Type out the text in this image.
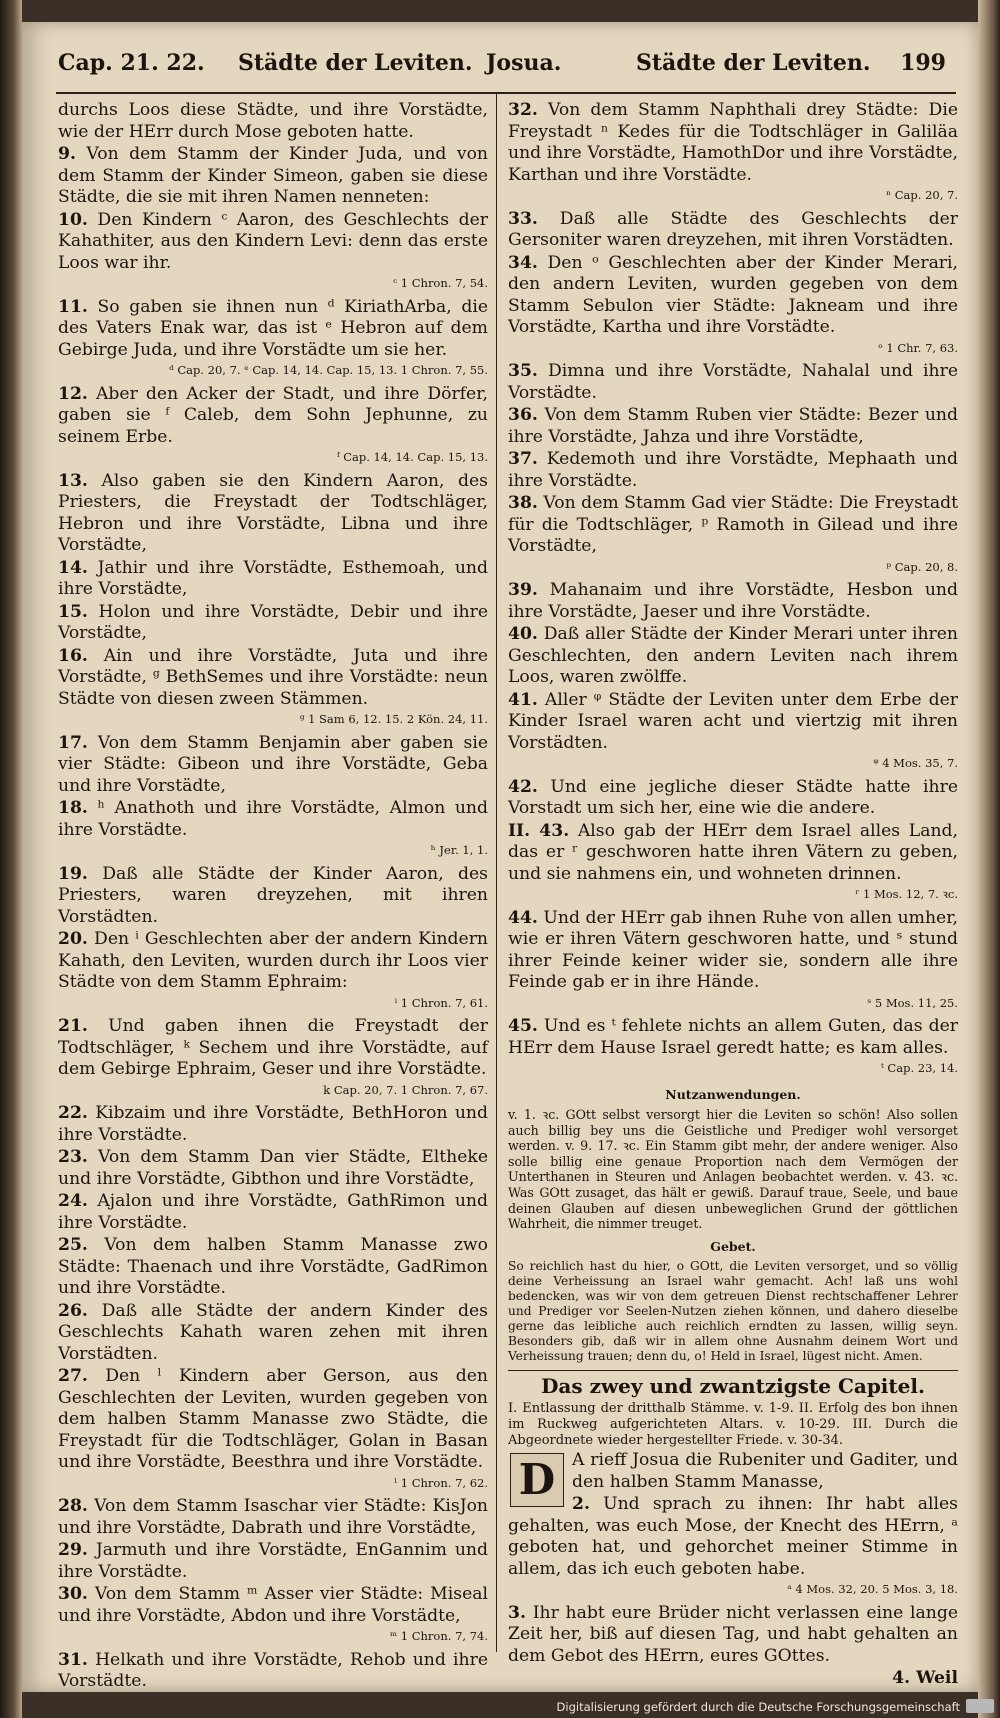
Cap. 21. 22. Städte der Leviten. Josua.	Städte der Leviten. 199

durchs Loos diese Städte, und ihre Vorstädte, wie der HErr durch Mose geboten hatte.

9. Von dem Stamm der Kinder Juda, und von dem Stamm der Kinder Simeon, gaben sie diese Städte, die sie mit ihren Namen nenneten:

10. Den Kindern ᶜ Aaron, des Geschlechts der Kahathiter, aus den Kindern Levi: denn das erste Loos war ihr.

ᶜ 1 Chron. 7, 54.

11. So gaben sie ihnen nun ᵈ KiriathArba, die des Vaters Enak war, das ist ᵉ Hebron auf dem Gebirge Juda, und ihre Vorstädte um sie her.

ᵈ Cap. 20, 7. ᵉ Cap. 14, 14. Cap. 15, 13. 1 Chron. 7, 55.

12. Aber den Acker der Stadt, und ihre Dörfer, gaben sie ᶠ Caleb, dem Sohn Jephunne, zu seinem Erbe.

ᶠ Cap. 14, 14. Cap. 15, 13.

13. Also gaben sie den Kindern Aaron, des Priesters, die Freystadt der Todtschläger, Hebron und ihre Vorstädte, Libna und ihre Vorstädte,

14. Jathir und ihre Vorstädte, Esthemoah, und ihre Vorstädte,

15. Holon und ihre Vorstädte, Debir und ihre Vorstädte,

16. Ain und ihre Vorstädte, Juta und ihre Vorstädte, ᵍ BethSemes und ihre Vorstädte: neun Städte von diesen zween Stämmen.

ᵍ 1 Sam 6, 12. 15. 2 Kön. 24, 11.

17. Von dem Stamm Benjamin aber gaben sie vier Städte: Gibeon und ihre Vorstädte, Geba und ihre Vorstädte,

18. ʰ Anathoth und ihre Vorstädte, Almon und ihre Vorstädte.

ʰ Jer. 1, 1.

19. Daß alle Städte der Kinder Aaron, des Priesters, waren dreyzehen, mit ihren Vorstädten.

20. Den ⁱ Geschlechten aber der andern Kindern Kahath, den Leviten, wurden durch ihr Loos vier Städte von dem Stamm Ephraim:

ⁱ 1 Chron. 7, 61.

21. Und gaben ihnen die Freystadt der Todtschläger, ᵏ Sechem und ihre Vorstädte, auf dem Gebirge Ephraim, Geser und ihre Vorstädte.

k Cap. 20, 7. 1 Chron. 7, 67.

22. Kibzaim und ihre Vorstädte, BethHoron und ihre Vorstädte.

23. Von dem Stamm Dan vier Städte, Eltheke und ihre Vorstädte, Gibthon und ihre Vorstädte,

24. Ajalon und ihre Vorstädte, GathRimon und ihre Vorstädte.

25. Von dem halben Stamm Manasse zwo Städte: Thaenach und ihre Vorstädte, GadRimon und ihre Vorstädte.

26. Daß alle Städte der andern Kinder des Geschlechts Kahath waren zehen mit ihren Vorstädten.

27. Den ˡ Kindern aber Gerson, aus den Geschlechten der Leviten, wurden gegeben von dem halben Stamm Manasse zwo Städte, die Freystadt für die Todtschläger, Golan in Basan und ihre Vorstädte, Beesthra und ihre Vorstädte.

ˡ 1 Chron. 7, 62.

28. Von dem Stamm Isaschar vier Städte: KisJon und ihre Vorstädte, Dabrath und ihre Vorstädte,

29. Jarmuth und ihre Vorstädte, EnGannim und ihre Vorstädte.

30. Von dem Stamm ᵐ Asser vier Städte: Miseal und ihre Vorstädte, Abdon und ihre Vorstädte,

ᵐ 1 Chron. 7, 74.

31. Helkath und ihre Vorstädte, Rehob und ihre Vorstädte.

32. Von dem Stamm Naphthali drey Städte: Die Freystadt ⁿ Kedes für die Todtschläger in Galiläa und ihre Vorstädte, HamothDor und ihre Vorstädte, Karthan und ihre Vorstädte.

ⁿ Cap. 20, 7.

33. Daß alle Städte des Geschlechts der Gersoniter waren dreyzehen, mit ihren Vorstädten.

34. Den ᵒ Geschlechten aber der Kinder Merari, den andern Leviten, wurden gegeben von dem Stamm Sebulon vier Städte: Jakneam und ihre Vorstädte, Kartha und ihre Vorstädte.

ᵒ 1 Chr. 7, 63.

35. Dimna und ihre Vorstädte, Nahalal und ihre Vorstädte.

36. Von dem Stamm Ruben vier Städte: Bezer und ihre Vorstädte, Jahza und ihre Vorstädte,

37. Kedemoth und ihre Vorstädte, Mephaath und ihre Vorstädte.

38. Von dem Stamm Gad vier Städte: Die Freystadt für die Todtschläger, ᵖ Ramoth in Gilead und ihre Vorstädte,

ᵖ Cap. 20, 8.

39. Mahanaim und ihre Vorstädte, Hesbon und ihre Vorstädte, Jaeser und ihre Vorstädte.

40. Daß aller Städte der Kinder Merari unter ihren Geschlechten, den andern Leviten nach ihrem Loos, waren zwölffe.

41. Aller ᵠ Städte der Leviten unter dem Erbe der Kinder Israel waren acht und viertzig mit ihren Vorstädten.

ᵠ 4 Mos. 35, 7.

42. Und eine jegliche dieser Städte hatte ihre Vorstadt um sich her, eine wie die andere.

II. 43. Also gab der HErr dem Israel alles Land, das er ʳ geschworen hatte ihren Vätern zu geben, und sie nahmens ein, und wohneten drinnen.

ʳ 1 Mos. 12, 7. ꝛc.

44. Und der HErr gab ihnen Ruhe von allen umher, wie er ihren Vätern geschworen hatte, und ˢ stund ihrer Feinde keiner wider sie, sondern alle ihre Feinde gab er in ihre Hände.

ˢ 5 Mos. 11, 25.

45. Und es ᵗ fehlete nichts an allem Guten, das der HErr dem Hause Israel geredt hatte; es kam alles.

ᵗ Cap. 23, 14.
Nutzanwendungen.

v. 1. ꝛc. GOtt selbst versorgt hier die Leviten so schön! Also sollen auch billig bey uns die Geistliche und Prediger wohl versorget werden. v. 9. 17. ꝛc. Ein Stamm gibt mehr, der andere weniger. Also solle billig eine genaue Proportion nach dem Vermögen der Unterthanen in Steuren und Anlagen beobachtet werden. v. 43. ꝛc. Was GOtt zusaget, das hält er gewiß. Darauf traue, Seele, und baue deinen Glauben auf diesen unbeweglichen Grund der göttlichen Wahrheit, die nimmer treuget.

Gebet.

So reichlich hast du hier, o GOtt, die Leviten versorget, und so völlig deine Verheissung an Israel wahr gemacht. Ach! laß uns wohl bedencken, was wir von dem getreuen Dienst rechtschaffener Lehrer und Prediger vor Seelen-Nutzen ziehen können, und dahero dieselbe gerne das leibliche auch reichlich erndten zu lassen, willig seyn. Besonders gib, daß wir in allem ohne Ausnahm deinem Wort und Verheissung trauen; denn du, o! Held in Israel, lügest nicht. Amen.

Das zwey und zwantzigste Capitel.

I. Entlassung der dritthalb Stämme. v. 1-9. II. Erfolg des bon ihnen im Ruckweg aufgerichteten Altars. v. 10-29. III. Durch die Abgeordnete wieder hergestellter Friede. v. 30-34.

D A rieff Josua die Rubeniter und Gaditer, und den halben Stamm Manasse,

2. Und sprach zu ihnen: Ihr habt alles gehalten, was euch Mose, der Knecht des HErrn, ᵃ geboten hat, und gehorchet meiner Stimme in allem, das ich euch geboten habe.

ᵃ 4 Mos. 32, 20. 5 Mos. 3, 18.

3. Ihr habt eure Brüder nicht verlassen eine lange Zeit her, biß auf diesen Tag, und habt gehalten an dem Gebot des HErrn, eures GOttes.

4. Weil
Digitalisierung gefördert durch die Deutsche Forschungsgemeinschaft
